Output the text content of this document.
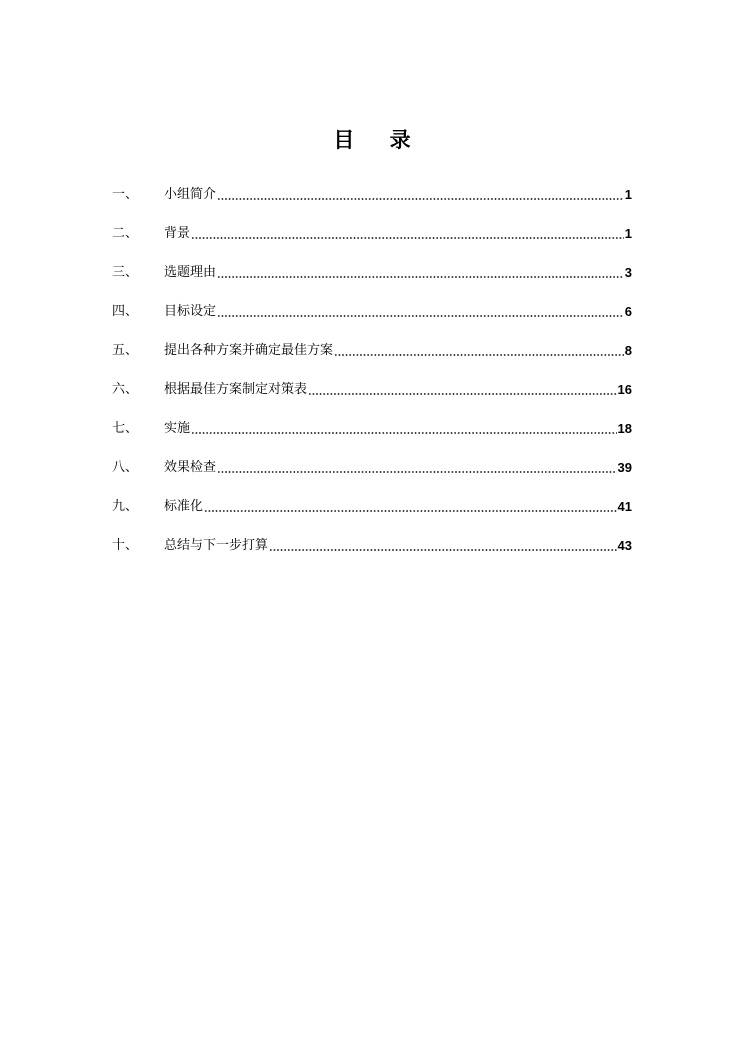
目 录
一、	小组简介	1
二、	背景	1
三、	选题理由	3
四、	目标设定	6
五、	提出各种方案并确定最佳方案	8
六、	根据最佳方案制定对策表	16
七、	实施	18
八、	效果检查	39
九、	标准化	41
十、	总结与下一步打算	43
